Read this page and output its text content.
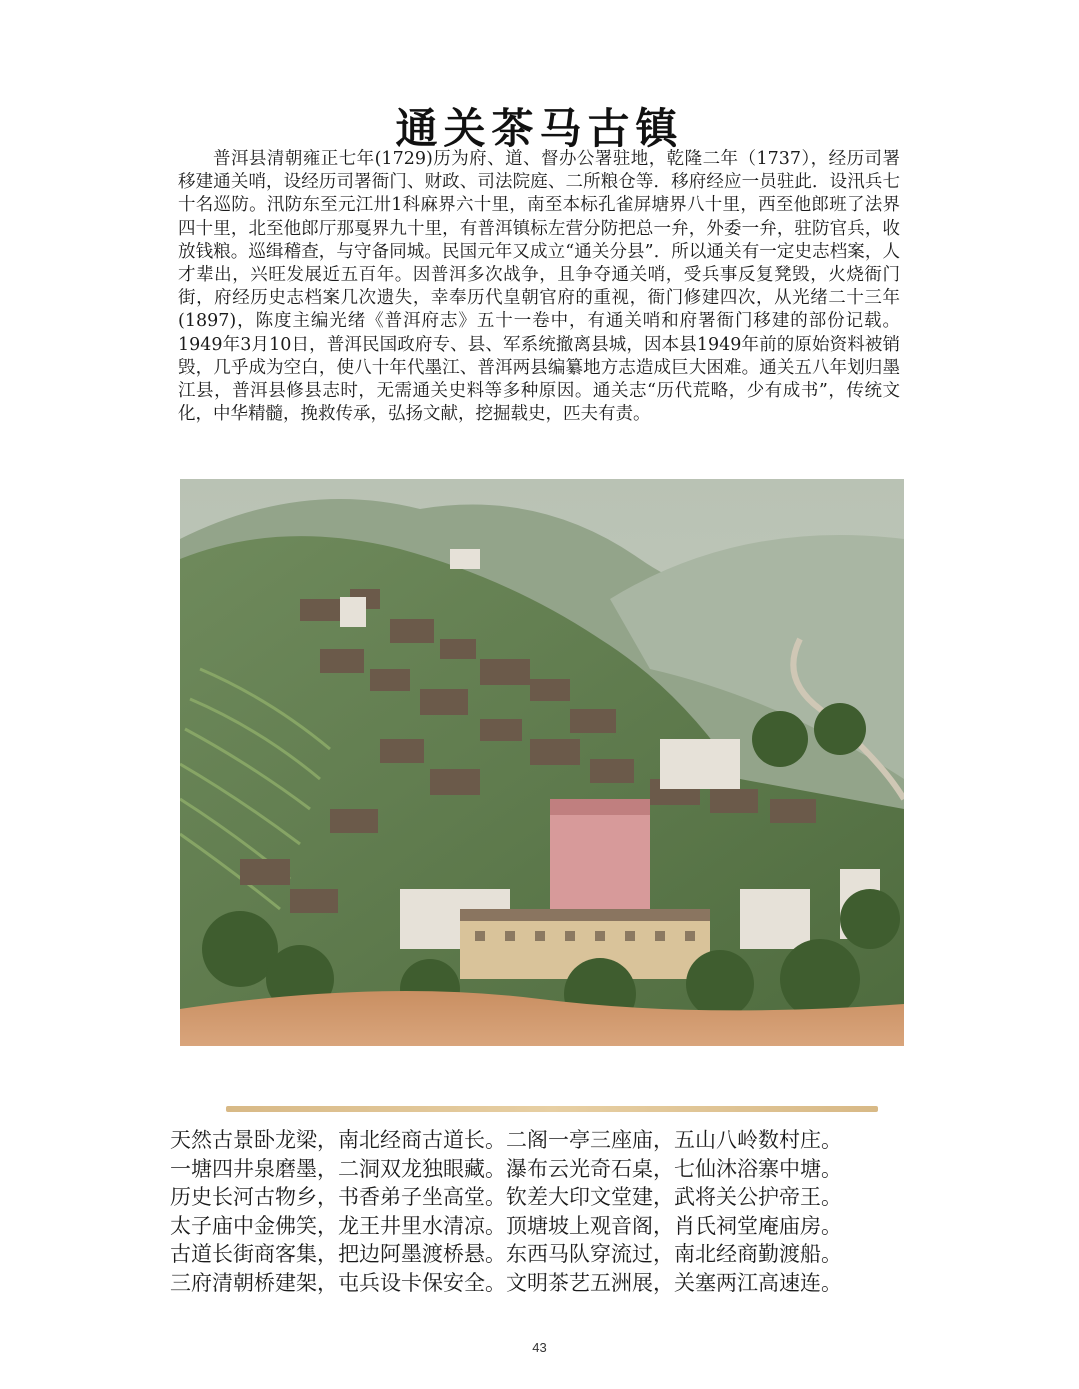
通关茶马古镇

普洱县清朝雍正七年(1729)历为府、道、督办公署驻地，乾隆二年（1737），经历司署移建通关哨，设经历司署衙门、财政、司法院庭、二所粮仓等．移府经应一员驻此．设汛兵七十名巡防。汛防东至元江卅1科麻界六十里，南至本标孔雀屏塘界八十里，西至他郎班了法界四十里，北至他郎厅那戛界九十里，有普洱镇标左营分防把总一弁，外委一弁，驻防官兵，收放钱粮。巡缉稽查，与守备同城。民国元年又成立“通关分县”．所以通关有一定史志档案，人才辈出，兴旺发展近五百年。因普洱多次战争，且争夺通关哨，受兵事反复凳毁，火烧衙门街，府经历史志档案几次遗失，幸奉历代皇朝官府的重视，衙门修建四次，从光绪二十三年(1897)，陈度主编光绪《普洱府志》五十一卷中，有通关哨和府署衙门移建的部份记载。1949年3月10日，普洱民国政府专、县、军系统撤离县城，因本县1949年前的原始资料被销毁，几乎成为空白，使八十年代墨江、普洱两县编纂地方志造成巨大困难。通关五八年划归墨江县，普洱县修县志时，无需通关史料等多种原因。通关志“历代荒略，少有成书”，传统文化，中华精髓，挽救传承，弘扬文献，挖掘载史，匹夫有责。

天然古景卧龙梁，南北经商古道长。二阁一亭三座庙，五山八岭数村庄。
一塘四井泉磨墨，二洞双龙独眼藏。瀑布云光奇石桌，七仙沐浴寨中塘。
历史长河古物乡，书香弟子坐高堂。钦差大印文堂建，武将关公护帝王。
太子庙中金佛笑，龙王井里水清凉。顶塘坡上观音阁，肖氏祠堂庵庙房。
古道长街商客集，把边阿墨渡桥悬。东西马队穿流过，南北经商勤渡船。
三府清朝桥建架，屯兵设卡保安全。文明茶艺五洲展，关塞两江高速连。
43
